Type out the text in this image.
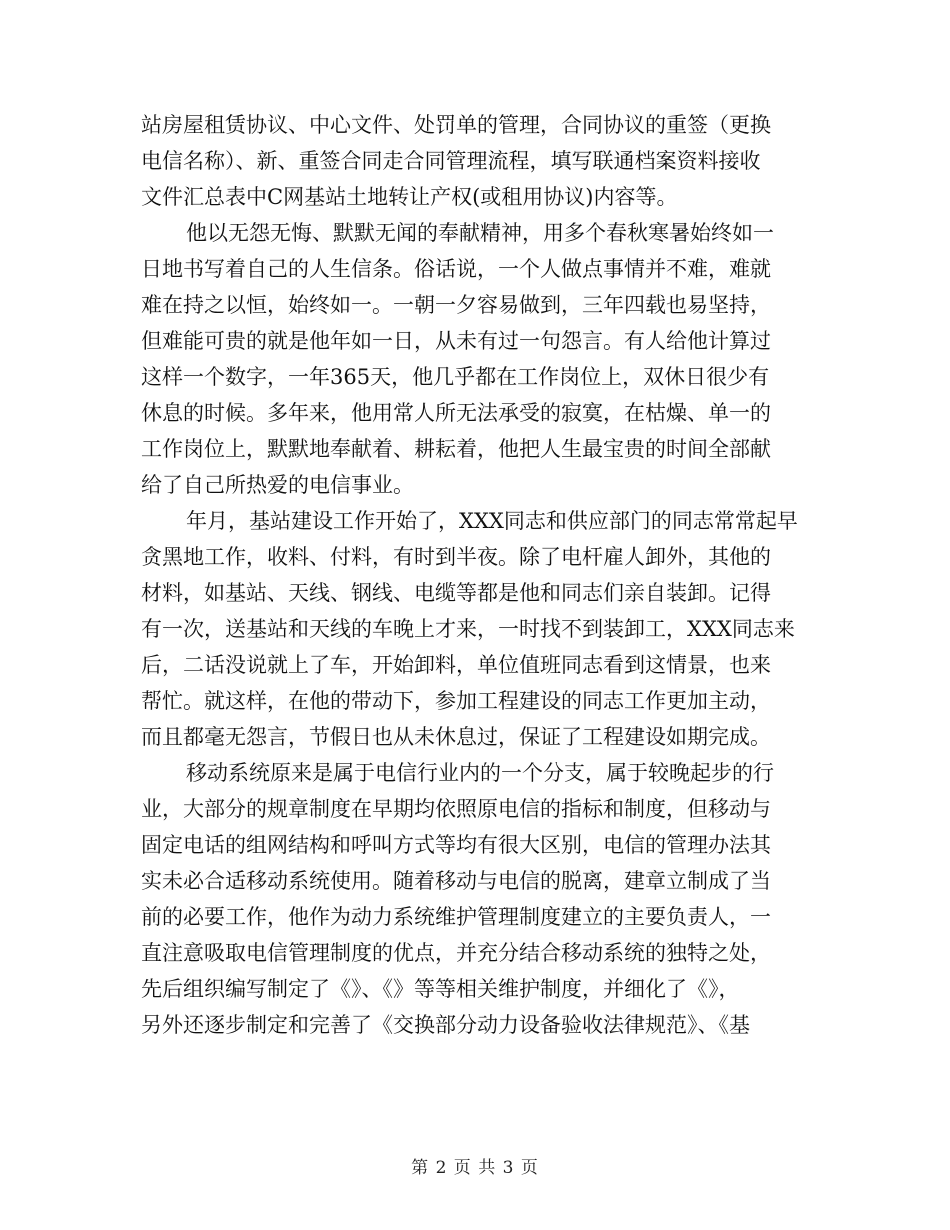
站房屋租赁协议、中心文件、处罚单的管理，合同协议的重签（更换
电信名称）、新、重签合同走合同管理流程，填写联通档案资料接收
文件汇总表中C网基站土地转让产权(或租用协议)内容等。
他以无怨无悔、默默无闻的奉献精神，用多个春秋寒暑始终如一
日地书写着自己的人生信条。俗话说，一个人做点事情并不难，难就
难在持之以恒，始终如一。一朝一夕容易做到，三年四载也易坚持，
但难能可贵的就是他年如一日，从未有过一句怨言。有人给他计算过
这样一个数字，一年365天，他几乎都在工作岗位上，双休日很少有
休息的时候。多年来，他用常人所无法承受的寂寞，在枯燥、单一的
工作岗位上，默默地奉献着、耕耘着，他把人生最宝贵的时间全部献
给了自己所热爱的电信事业。
年月，基站建设工作开始了，XXX同志和供应部门的同志常常起早
贪黑地工作，收料、付料，有时到半夜。除了电杆雇人卸外，其他的
材料，如基站、天线、钢线、电缆等都是他和同志们亲自装卸。记得
有一次，送基站和天线的车晚上才来，一时找不到装卸工，XXX同志来
后，二话没说就上了车，开始卸料，单位值班同志看到这情景，也来
帮忙。就这样，在他的带动下，参加工程建设的同志工作更加主动，
而且都毫无怨言，节假日也从未休息过，保证了工程建设如期完成。
移动系统原来是属于电信行业内的一个分支，属于较晚起步的行
业，大部分的规章制度在早期均依照原电信的指标和制度，但移动与
固定电话的组网结构和呼叫方式等均有很大区别，电信的管理办法其
实未必合适移动系统使用。随着移动与电信的脱离，建章立制成了当
前的必要工作，他作为动力系统维护管理制度建立的主要负责人，一
直注意吸取电信管理制度的优点，并充分结合移动系统的独特之处，
先后组织编写制定了《》、《》等等相关维护制度，并细化了《》，
另外还逐步制定和完善了《交换部分动力设备验收法律规范》、《基
第 2 页 共 3 页
